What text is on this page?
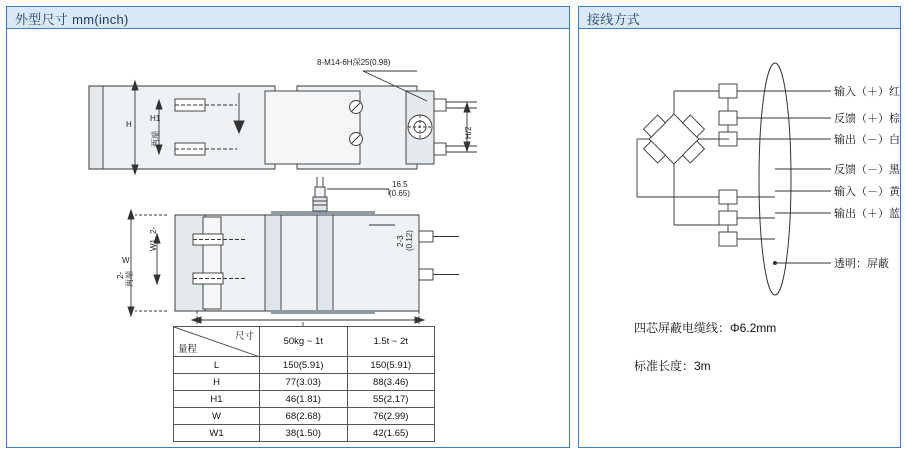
外型尺寸 mm(inch)
8-M14-6H深25(0.98)
H
H1
两端	H/2
16.5
(0.65)
2-3 (0.12)
W
W1
2-
两端
2-
尺寸
量程	50kg ~ 1t	1.5t ~ 2t
L	150(5.91)	150(5.91)
H	77(3.03)	88(3.46)
H1	46(1.81)	55(2.17)
W	68(2.68)	76(2.99)
W1	38(1.50)	42(1.65)
接线方式
输入（＋）红
反馈（＋）棕
输出（－）白
反馈（－）黑
输入（－）黄
输出（＋）蓝
透明：屏蔽
四芯屏蔽电缆线：Φ6.2mm
标准长度：3m
